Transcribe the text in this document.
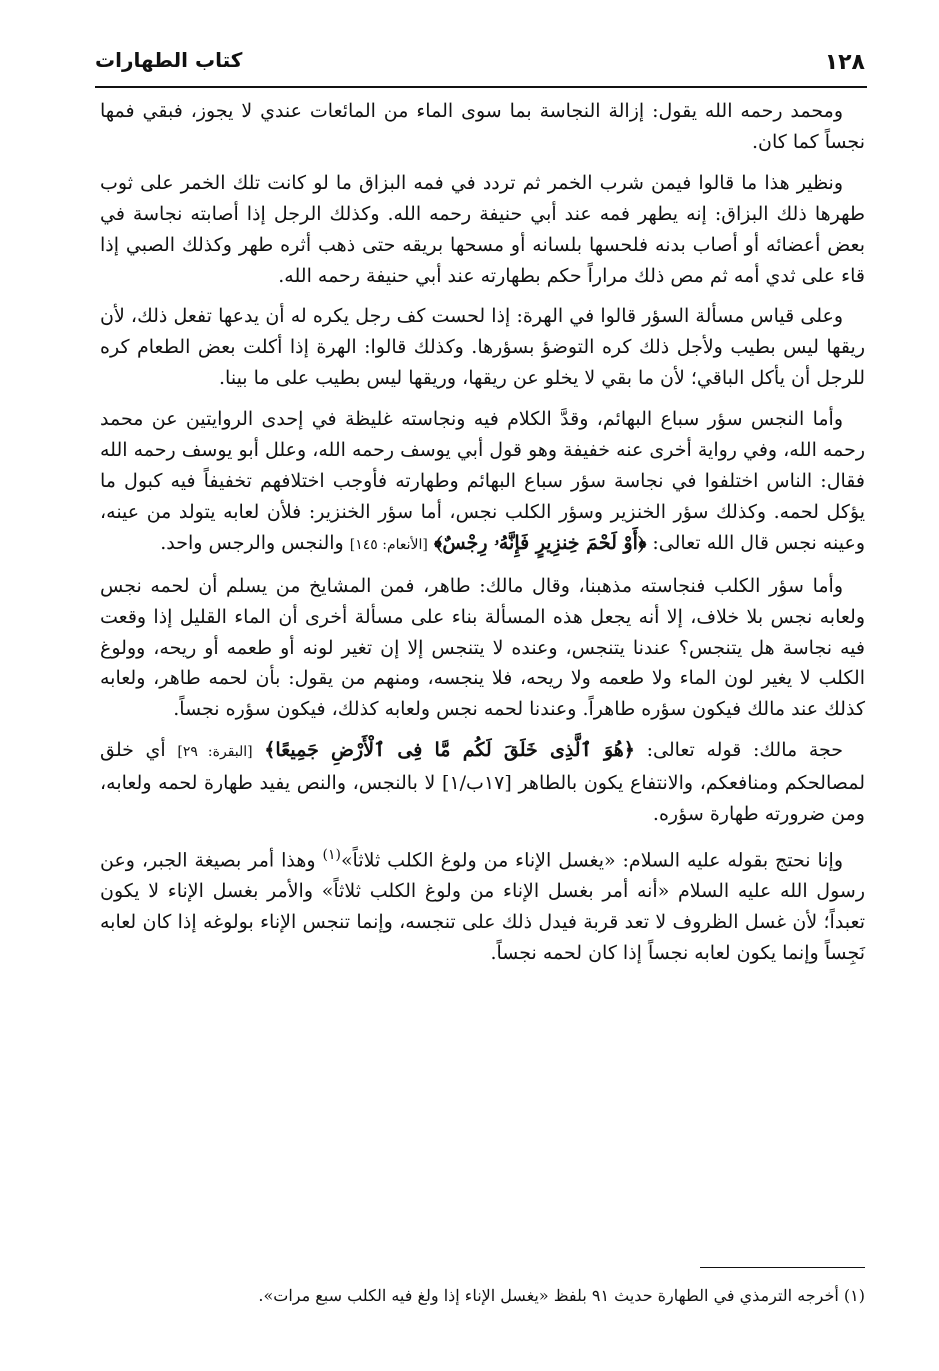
١٢٨
كتاب الطهارات

ومحمد رحمه الله يقول: إزالة النجاسة بما سوى الماء من المائعات عندي لا يجوز، فبقي فمها نجساً كما كان.

ونظير هذا ما قالوا فيمن شرب الخمر ثم تردد في فمه البزاق ما لو كانت تلك الخمر على ثوب طهرها ذلك البزاق: إنه يطهر فمه عند أبي حنيفة رحمه الله. وكذلك الرجل إذا أصابته نجاسة في بعض أعضائه أو أصاب بدنه فلحسها بلسانه أو مسحها بريقه حتى ذهب أثره طهر وكذلك الصبي إذا قاء على ثدي أمه ثم مص ذلك مراراً حكم بطهارته عند أبي حنيفة رحمه الله.

وعلى قياس مسألة السؤر قالوا في الهرة: إذا لحست كف رجل يكره له أن يدعها تفعل ذلك، لأن ريقها ليس بطيب ولأجل ذلك كره التوضؤ بسؤرها. وكذلك قالوا: الهرة إذا أكلت بعض الطعام كره للرجل أن يأكل الباقي؛ لأن ما بقي لا يخلو عن ريقها، وريقها ليس بطيب على ما بينا.

وأما النجس سؤر سباع البهائم، وقدَّ الكلام فيه ونجاسته غليظة في إحدى الروايتين عن محمد رحمه الله، وفي رواية أخرى عنه خفيفة وهو قول أبي يوسف رحمه الله، وعلل أبو يوسف رحمه الله فقال: الناس اختلفوا في نجاسة سؤر سباع البهائم وطهارته فأوجب اختلافهم تخفيفاً فيه كبول ما يؤكل لحمه. وكذلك سؤر الخنزير وسؤر الكلب نجس، أما سؤر الخنزير: فلأن لعابه يتولد من عينه، وعينه نجس قال الله تعالى: ﴿أَوْ لَحْمَ خِنزِيرٍ فَإِنَّهُۥ رِجْسٌ﴾ [الأنعام: ١٤٥] والنجس والرجس واحد.

وأما سؤر الكلب فنجاسته مذهبنا، وقال مالك: طاهر، فمن المشايخ من يسلم أن لحمه نجس ولعابه نجس بلا خلاف، إلا أنه يجعل هذه المسألة بناء على مسألة أخرى أن الماء القليل إذا وقعت فيه نجاسة هل يتنجس؟ عندنا يتنجس، وعنده لا يتنجس إلا إن تغير لونه أو طعمه أو ريحه، وولوغ الكلب لا يغير لون الماء ولا طعمه ولا ريحه، فلا ينجسه، ومنهم من يقول: بأن لحمه طاهر، ولعابه كذلك عند مالك فيكون سؤره طاهراً. وعندنا لحمه نجس ولعابه كذلك، فيكون سؤره نجساً.

حجة مالك: قوله تعالى: ﴿هُوَ ٱلَّذِى خَلَقَ لَكُم مَّا فِى ٱلْأَرْضِ جَمِيعًا﴾ [البقرة: ٢٩] أي خلق لمصالحكم ومنافعكم، والانتفاع يكون بالطاهر [١٧ب/١] لا بالنجس، والنص يفيد طهارة لحمه ولعابه، ومن ضرورته طهارة سؤره.

وإنا نحتج بقوله عليه السلام: «يغسل الإناء من ولوغ الكلب ثلاثاً»$^{(١)}$ وهذا أمر بصيغة الجبر، وعن رسول الله عليه السلام «أنه أمر بغسل الإناء من ولوغ الكلب ثلاثاً» والأمر بغسل الإناء لا يكون تعبداً؛ لأن غسل الظروف لا تعد قربة فيدل ذلك على تنجسه، وإنما تنجس الإناء بولوغه إذا كان لعابه نَجِساً وإنما يكون لعابه نجساً إذا كان لحمه نجساً.

(١) أخرجه الترمذي في الطهارة حديث ٩١ بلفظ «يغسل الإناء إذا ولغ فيه الكلب سبع مرات».
